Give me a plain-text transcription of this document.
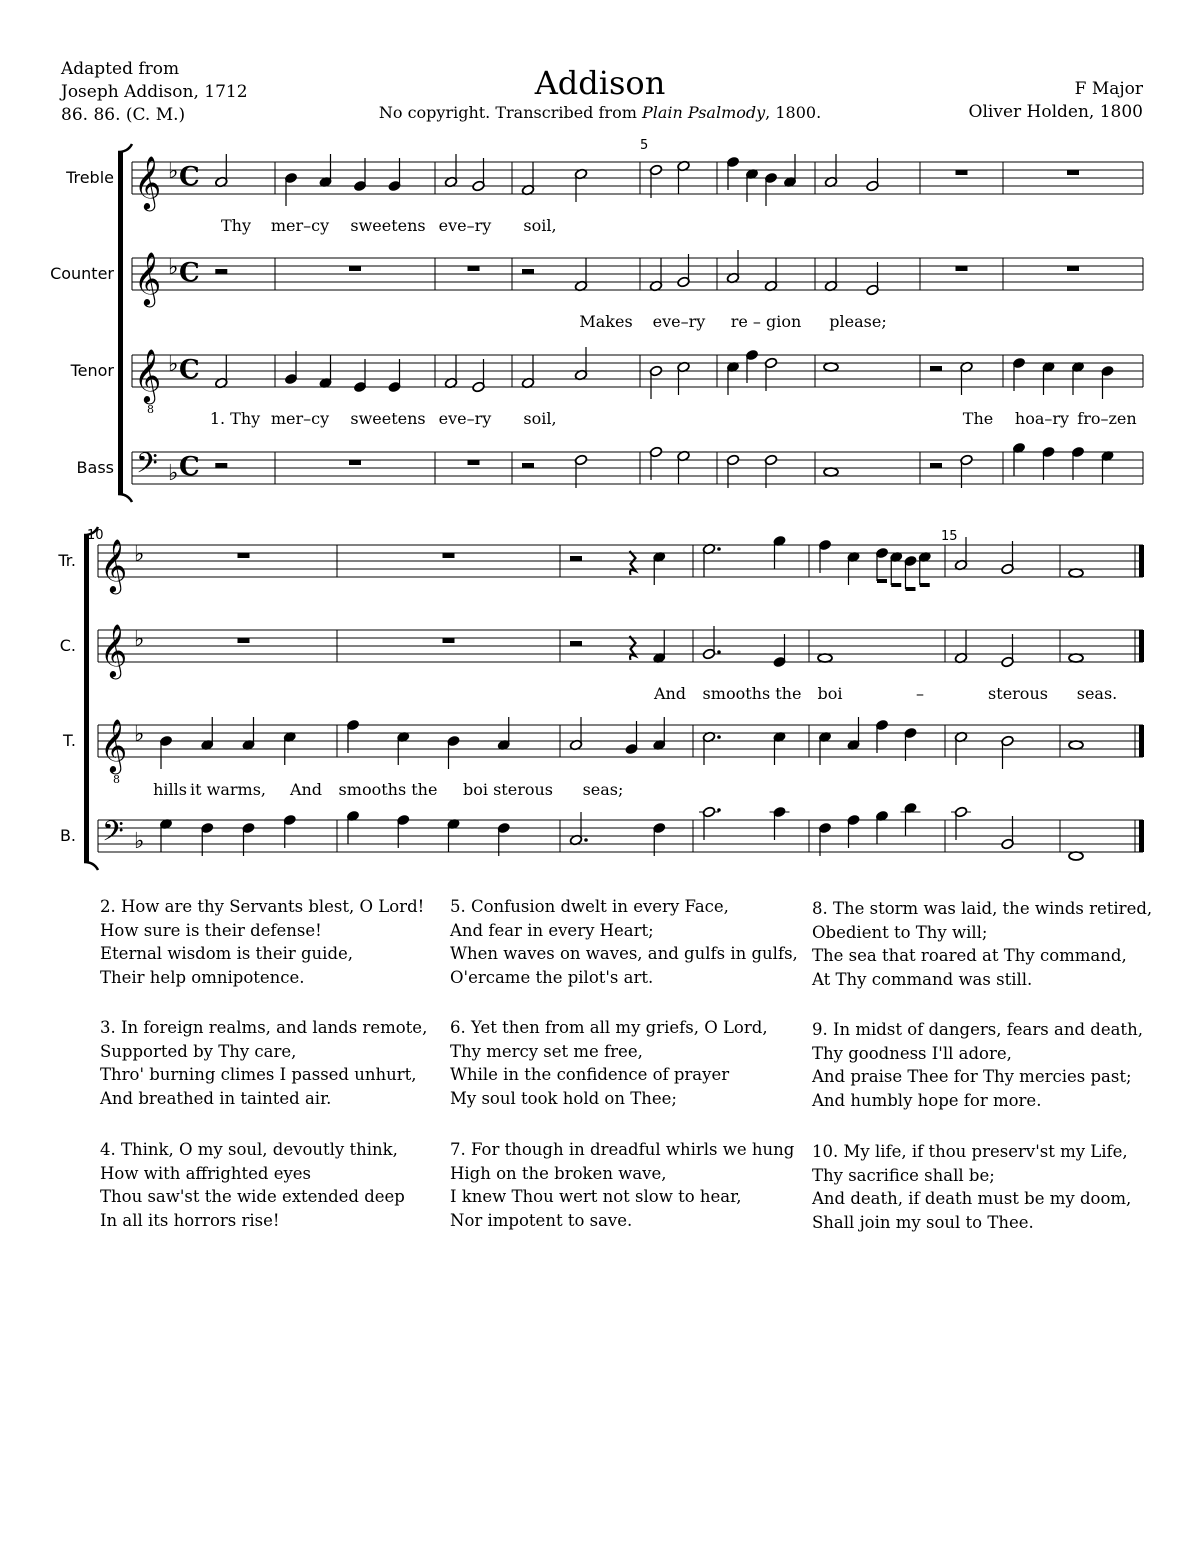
Adapted from
Joseph Addison, 1712
86. 86. (C. M.)
Addison
No copyright. Transcribed from Plain Psalmody, 1800.
F Major
Oliver Holden, 1800
𝄞 ♭ C
𝄞 ♭ C
𝄞
8
♭ C
𝄢 ♭ C
𝄞 ♭
𝄞 ♭
𝄞
8
♭
𝄢 ♭
5
Treble
Thy mer–cy sweetens eve–ry soil,
Counter
Makes eve–ry re – gion please;
Tenor
1. Thy mer–cy sweetens eve–ry soil,	The hoa–ry fro–zen
Bass
10	15
Tr.
C.
And smooths the boi	–	sterous seas.
T.
hills it warms, And smooths the boi sterous seas;
B.
2. How are thy Servants blest, O Lord!
How sure is their defense!
Eternal wisdom is their guide,
Their help omnipotence.
3. In foreign realms, and lands remote,
Supported by Thy care,
Thro' burning climes I passed unhurt,
And breathed in tainted air.
4. Think, O my soul, devoutly think,
How with affrighted eyes
Thou saw'st the wide extended deep
In all its horrors rise!
5. Confusion dwelt in every Face,
And fear in every Heart;
When waves on waves, and gulfs in gulfs,
O'ercame the pilot's art.
6. Yet then from all my griefs, O Lord,
Thy mercy set me free,
While in the confidence of prayer
My soul took hold on Thee;
7. For though in dreadful whirls we hung
High on the broken wave,
I knew Thou wert not slow to hear,
Nor impotent to save.
8. The storm was laid, the winds retired,
Obedient to Thy will;
The sea that roared at Thy command,
At Thy command was still.
9. In midst of dangers, fears and death,
Thy goodness I'll adore,
And praise Thee for Thy mercies past;
And humbly hope for more.
10. My life, if thou preserv'st my Life,
Thy sacrifice shall be;
And death, if death must be my doom,
Shall join my soul to Thee.
